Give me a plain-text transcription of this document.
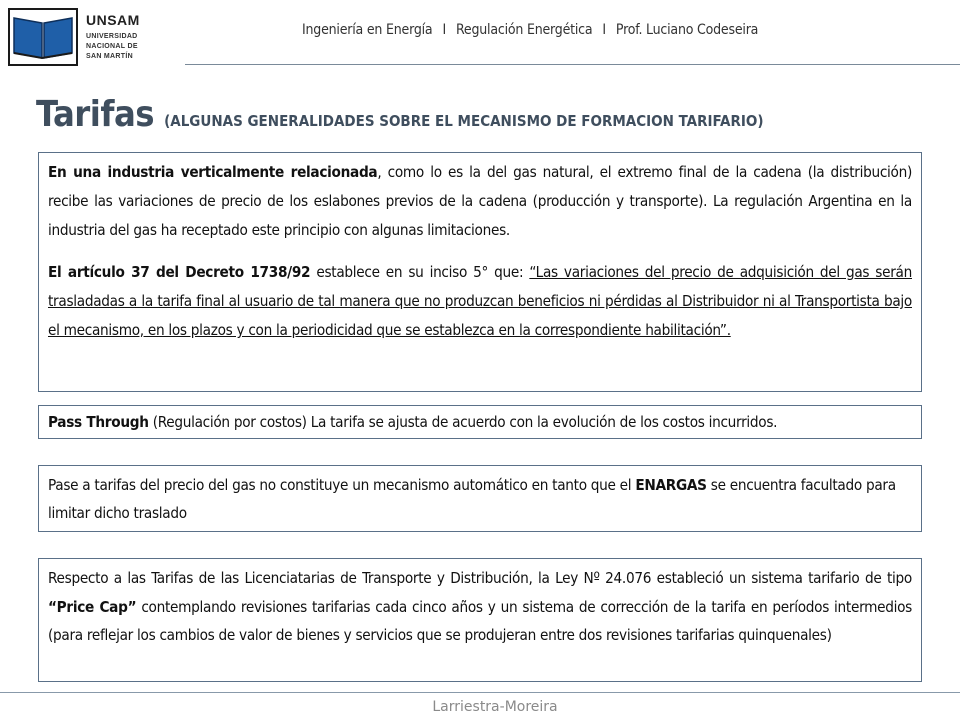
UNSAM
UNIVERSIDAD
NACIONAL DE
SAN MARTÍN
Ingeniería en Energía I Regulación Energética I Prof. Luciano Codeseira
Tarifas (ALGUNAS GENERALIDADES SOBRE EL MECANISMO DE FORMACION TARIFARIO)

En una industria verticalmente relacionada, como lo es la del gas natural, el extremo final de la cadena (la distribución) recibe las variaciones de precio de los eslabones previos de la cadena (producción y transporte). La regulación Argentina en la industria del gas ha receptado este principio con algunas limitaciones.

El artículo 37 del Decreto 1738/92 establece en su inciso 5° que: “Las variaciones del precio de adquisición del gas serán trasladadas a la tarifa final al usuario de tal manera que no produzcan beneficios ni pérdidas al Distribuidor ni al Transportista bajo el mecanismo, en los plazos y con la periodicidad que se establezca en la correspondiente habilitación”.

Pass Through (Regulación por costos) La tarifa se ajusta de acuerdo con la evolución de los costos incurridos.

Pase a tarifas del precio del gas no constituye un mecanismo automático en tanto que el ENARGAS se encuentra facultado para limitar dicho traslado

Respecto a las Tarifas de las Licenciatarias de Transporte y Distribución, la Ley Nº 24.076 estableció un sistema tarifario de tipo “Price Cap” contemplando revisiones tarifarias cada cinco años y un sistema de corrección de la tarifa en períodos intermedios (para reflejar los cambios de valor de bienes y servicios que se produjeran entre dos revisiones tarifarias quinquenales)

Larriestra-Moreira
